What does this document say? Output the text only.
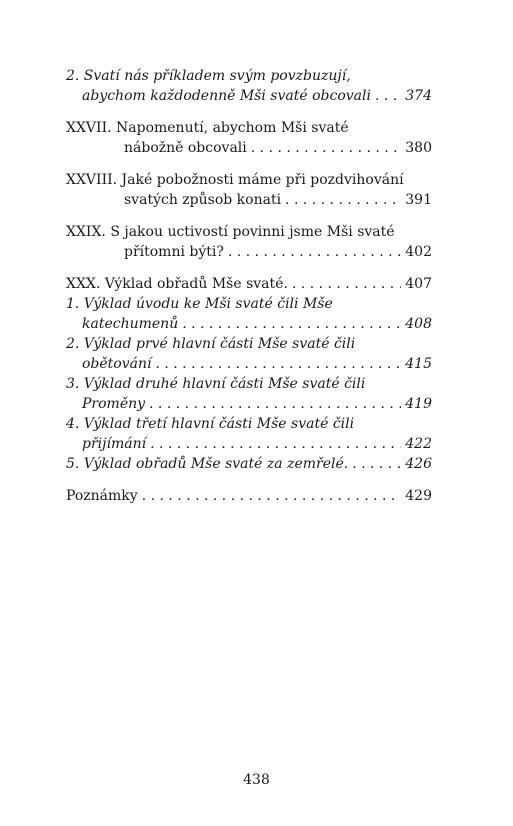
2. Svatí nás příkladem svým povzbuzují,
abychom každodenně Mši svaté obcovali . . . 374
XXVII. Napomenutí, abychom Mši svaté
nábožně obcovali . . .	380
XXVIII. Jaké pobožnosti máme při pozdvihování
svatých způsob konati . . .	391
XXIX. S jakou uctivostí povinni jsme Mši svaté
přítomni býti? . . .	402
XXX. Výklad obřadů Mše svaté. . . .	407
1. Výklad úvodu ke Mši svaté čili Mše
katechumenů . . .	408
2. Výklad prvé hlavní části Mše svaté čili
obětování . . .	415
3. Výklad druhé hlavní části Mše svaté čili
Proměny . . .	419
4. Výklad třetí hlavní části Mše svaté čili
přijímání . . .	422
5. Výklad obřadů Mše svaté za zemřelé. . . .	426
Poznámky . . .	429
438
